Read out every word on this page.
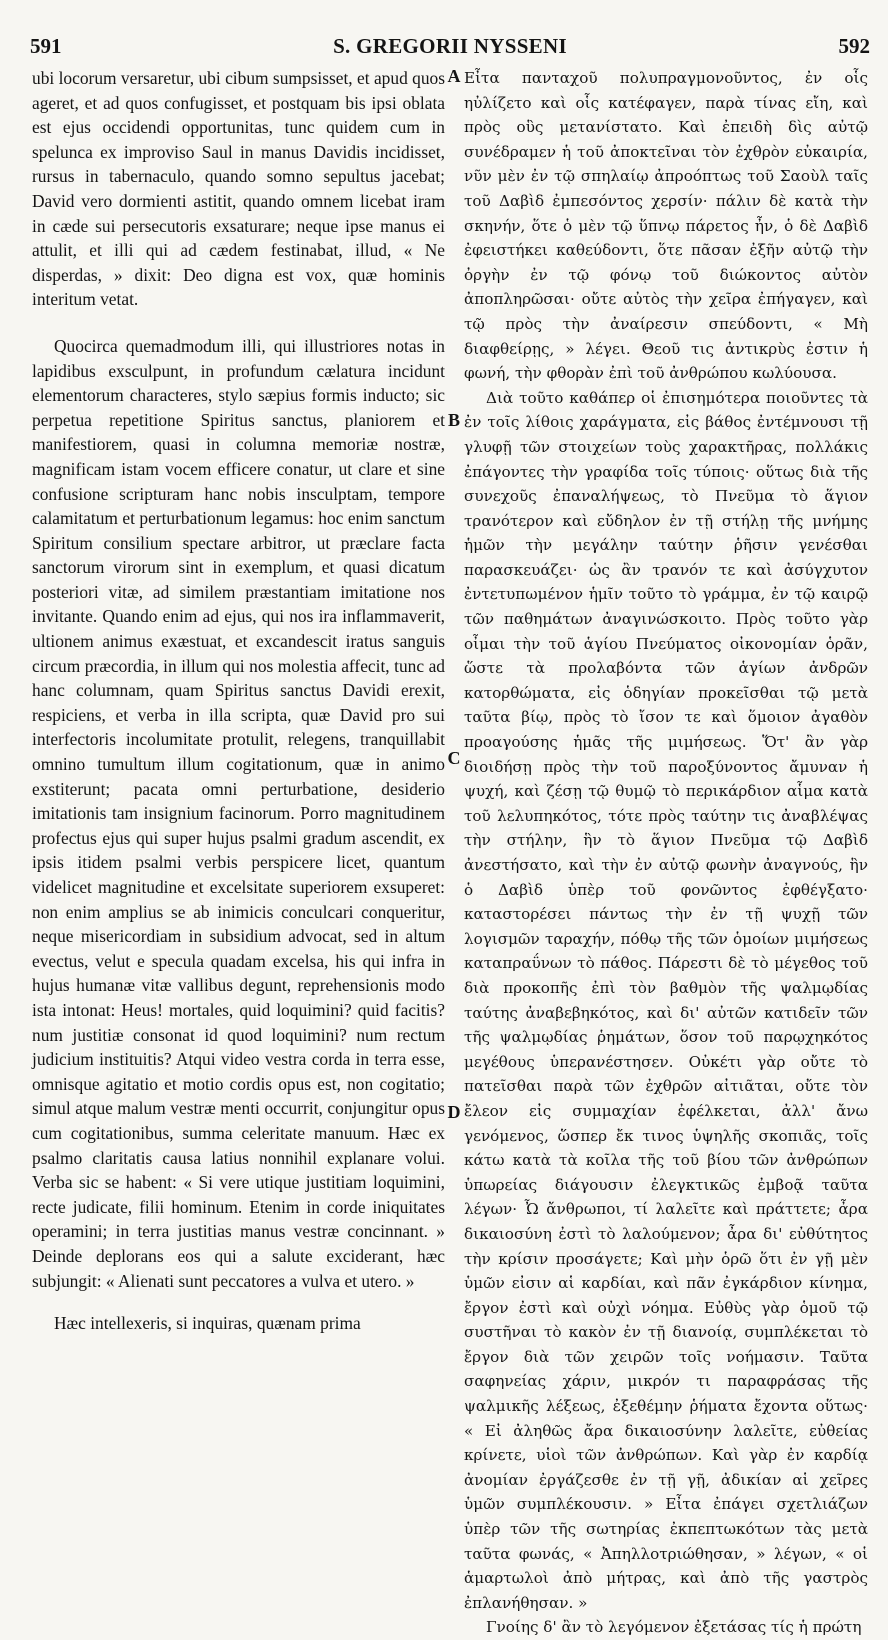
591	S. GREGORII NYSSENI	592

ubi locorum versaretur, ubi cibum sumpsisset, et apud quos ageret, et ad quos confugisset, et postquam bis ipsi oblata est ejus occidendi opportunitas, tunc quidem cum in spelunca ex improviso Saul in manus Davidis incidisset, rursus in tabernaculo, quando somno sepultus jacebat; David vero dormienti astitit, quando omnem licebat iram in cæde sui persecutoris exsaturare; neque ipse manus ei attulit, et illi qui ad cædem festinabat, illud, « Ne disperdas, » dixit: Deo digna est vox, quæ hominis interitum vetat.

Quocirca quemadmodum illi, qui illustriores notas in lapidibus exsculpunt, in profundum cælatura incidunt elementorum characteres, stylo sæpius formis inducto; sic perpetua repetitione Spiritus sanctus, planiorem et manifestiorem, quasi in columna memoriæ nostræ, magnificam istam vocem efficere conatur, ut clare et sine confusione scripturam hanc nobis insculptam, tempore calamitatum et perturbationum legamus: hoc enim sanctum Spiritum consilium spectare arbitror, ut præclare facta sanctorum virorum sint in exemplum, et quasi dicatum posteriori vitæ, ad similem præstantiam imitatione nos invitante. Quando enim ad ejus, qui nos ira inflammaverit, ultionem animus exæstuat, et excandescit iratus sanguis circum præcordia, in illum qui nos molestia affecit, tunc ad hanc columnam, quam Spiritus sanctus Davidi erexit, respiciens, et verba in illa scripta, quæ David pro sui interfectoris incolumitate protulit, relegens, tranquillabit omnino tumultum illum cogitationum, quæ in animo exstiterunt; pacata omni perturbatione, desiderio imitationis tam insignium facinorum. Porro magnitudinem profectus ejus qui super hujus psalmi gradum ascendit, ex ipsis itidem psalmi verbis perspicere licet, quantum videlicet magnitudine et excelsitate superiorem exsuperet: non enim amplius se ab inimicis conculcari conqueritur, neque misericordiam in subsidium advocat, sed in altum evectus, velut e specula quadam excelsa, his qui infra in hujus humanæ vitæ vallibus degunt, reprehensionis modo ista intonat: Heus! mortales, quid loquimini? quid facitis? num justitiæ consonat id quod loquimini? num rectum judicium instituitis? Atqui video vestra corda in terra esse, omnisque agitatio et motio cordis opus est, non cogitatio; simul atque malum vestræ menti occurrit, conjungitur opus cum cogitationibus, summa celeritate manuum. Hæc ex psalmo claritatis causa latius nonnihil explanare volui. Verba sic se habent: « Si vere utique justitiam loquimini, recte judicate, filii hominum. Etenim in corde iniquitates operamini; in terra justitias manus vestræ concinnant. » Deinde deplorans eos qui a salute exciderant, hæc subjungit: « Alienati sunt peccatores a vulva et utero. »

Hæc intellexeris, si inquiras, quænam prima

A
B
C
D

Εἶτα πανταχοῦ πολυπραγμονοῦντος, ἐν οἷς ηὐλίζετο καὶ οἷς κατέφαγεν, παρὰ τίνας εἴη, καὶ πρὸς οὓς μετανίστατο. Καὶ ἐπειδὴ δὶς αὐτῷ συνέδραμεν ἡ τοῦ ἀποκτεῖναι τὸν ἐχθρὸν εὐκαιρία, νῦν μὲν ἐν τῷ σπηλαίῳ ἀπροόπτως τοῦ Σαοὺλ ταῖς τοῦ Δαβὶδ ἐμπεσόντος χερσίν· πάλιν δὲ κατὰ τὴν σκηνήν, ὅτε ὁ μὲν τῷ ὕπνῳ πάρετος ἦν, ὁ δὲ Δαβὶδ ἐφειστήκει καθεύδοντι, ὅτε πᾶσαν ἐξῆν αὐτῷ τὴν ὀργὴν ἐν τῷ φόνῳ τοῦ διώκοντος αὐτὸν ἀποπληρῶσαι· οὔτε αὐτὸς τὴν χεῖρα ἐπήγαγεν, καὶ τῷ πρὸς τὴν ἀναίρεσιν σπεύδοντι, « Μὴ διαφθείρῃς, » λέγει. Θεοῦ τις ἀντικρὺς ἐστιν ἡ φωνή, τὴν φθορὰν ἐπὶ τοῦ ἀνθρώπου κωλύουσα.

Διὰ τοῦτο καθάπερ οἱ ἐπισημότερα ποιοῦντες τὰ ἐν τοῖς λίθοις χαράγματα, εἰς βάθος ἐντέμνουσι τῇ γλυφῇ τῶν στοιχείων τοὺς χαρακτῆρας, πολλάκις ἐπάγοντες τὴν γραφίδα τοῖς τύποις· οὕτως διὰ τῆς συνεχοῦς ἐπαναλήψεως, τὸ Πνεῦμα τὸ ἅγιον τρανότερον καὶ εὔδηλον ἐν τῇ στήλῃ τῆς μνήμης ἡμῶν τὴν μεγάλην ταύτην ῥῆσιν γενέσθαι παρασκευάζει· ὡς ἂν τρανόν τε καὶ ἀσύγχυτον ἐντετυπωμένον ἡμῖν τοῦτο τὸ γράμμα, ἐν τῷ καιρῷ τῶν παθημάτων ἀναγινώσκοιτο. Πρὸς τοῦτο γὰρ οἶμαι τὴν τοῦ ἁγίου Πνεύματος οἰκονομίαν ὁρᾶν, ὥστε τὰ προλαβόντα τῶν ἁγίων ἀνδρῶν κατορθώματα, εἰς ὁδηγίαν προκεῖσθαι τῷ μετὰ ταῦτα βίῳ, πρὸς τὸ ἴσον τε καὶ ὅμοιον ἀγαθὸν προαγούσης ἡμᾶς τῆς μιμήσεως. Ὅτ' ἂν γὰρ διοιδήσῃ πρὸς τὴν τοῦ παροξύνοντος ἄμυναν ἡ ψυχή, καὶ ζέσῃ τῷ θυμῷ τὸ περικάρδιον αἷμα κατὰ τοῦ λελυπηκότος, τότε πρὸς ταύτην τις ἀναβλέψας τὴν στήλην, ἣν τὸ ἅγιον Πνεῦμα τῷ Δαβὶδ ἀνεστήσατο, καὶ τὴν ἐν αὐτῷ φωνὴν ἀναγνούς, ἣν ὁ Δαβὶδ ὑπὲρ τοῦ φονῶντος ἐφθέγξατο· καταστορέσει πάντως τὴν ἐν τῇ ψυχῇ τῶν λογισμῶν ταραχήν, πόθῳ τῆς τῶν ὁμοίων μιμήσεως καταπραΰνων τὸ πάθος. Πάρεστι δὲ τὸ μέγεθος τοῦ διὰ προκοπῆς ἐπὶ τὸν βαθμὸν τῆς ψαλμῳδίας ταύτης ἀναβεβηκότος, καὶ δι' αὐτῶν κατιδεῖν τῶν τῆς ψαλμῳδίας ῥημάτων, ὅσον τοῦ παρῳχηκότος μεγέθους ὑπερανέστησεν. Οὐκέτι γὰρ οὔτε τὸ πατεῖσθαι παρὰ τῶν ἐχθρῶν αἰτιᾶται, οὔτε τὸν ἔλεον εἰς συμμαχίαν ἐφέλκεται, ἀλλ' ἄνω γενόμενος, ὥσπερ ἔκ τινος ὑψηλῆς σκοπιᾶς, τοῖς κάτω κατὰ τὰ κοῖλα τῆς τοῦ βίου τῶν ἀνθρώπων ὑπωρείας διάγουσιν ἐλεγκτικῶς ἐμβοᾷ ταῦτα λέγων· Ὦ ἄνθρωποι, τί λαλεῖτε καὶ πράττετε; ἆρα δικαιοσύνη ἐστὶ τὸ λαλούμενον; ἆρα δι' εὐθύτητος τὴν κρίσιν προσάγετε; Καὶ μὴν ὁρῶ ὅτι ἐν γῇ μὲν ὑμῶν εἰσιν αἱ καρδίαι, καὶ πᾶν ἐγκάρδιον κίνημα, ἔργον ἐστὶ καὶ οὐχὶ νόημα. Εὐθὺς γὰρ ὁμοῦ τῷ συστῆναι τὸ κακὸν ἐν τῇ διανοίᾳ, συμπλέκεται τὸ ἔργον διὰ τῶν χειρῶν τοῖς νοήμασιν. Ταῦτα σαφηνείας χάριν, μικρόν τι παραφράσας τῆς ψαλμικῆς λέξεως, ἐξεθέμην ῥήματα ἔχοντα οὕτως· « Εἰ ἀληθῶς ἄρα δικαιοσύνην λαλεῖτε, εὐθείας κρίνετε, υἱοὶ τῶν ἀνθρώπων. Καὶ γὰρ ἐν καρδίᾳ ἀνομίαν ἐργάζεσθε ἐν τῇ γῇ, ἀδικίαν αἱ χεῖρες ὑμῶν συμπλέκουσιν. » Εἶτα ἐπάγει σχετλιάζων ὑπὲρ τῶν τῆς σωτηρίας ἐκπεπτωκότων τὰς μετὰ ταῦτα φωνάς, « Ἀπηλλοτριώθησαν, » λέγων, « οἱ ἁμαρτωλοὶ ἀπὸ μήτρας, καὶ ἀπὸ τῆς γαστρὸς ἐπλανήθησαν. »

Γνοίης δ' ἂν τὸ λεγόμενον ἐξετάσας τίς ἡ πρώτη
